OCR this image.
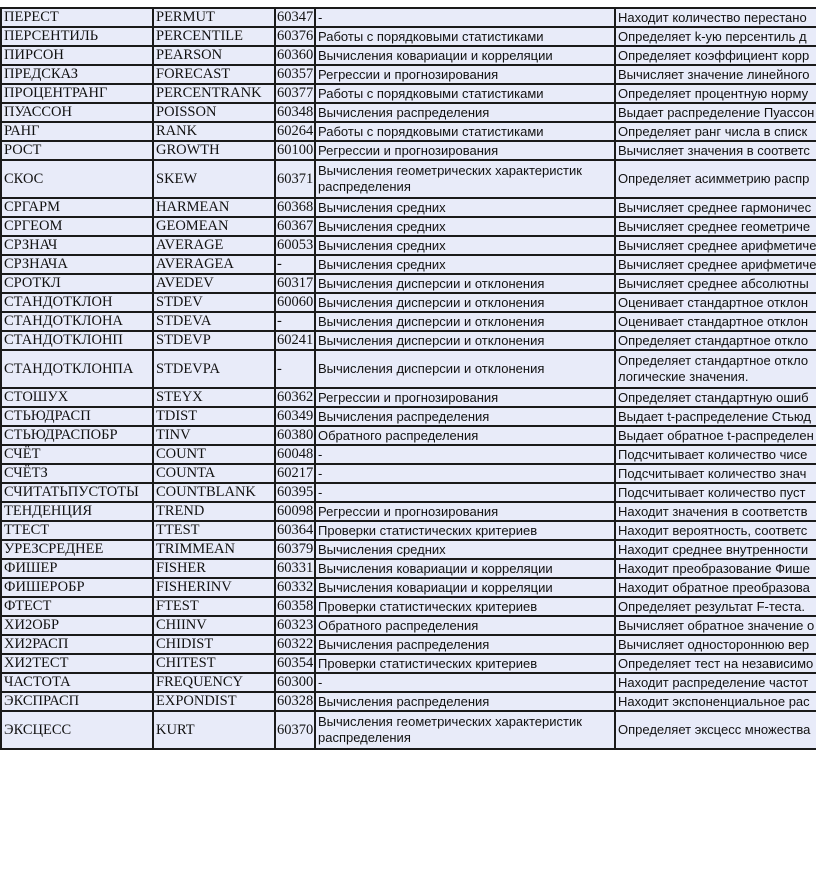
ПЕРЕСТ	PERMUT	60347	-	Находит количество перестано
ПЕРСЕНТИЛЬ	PERCENTILE	60376	Работы с порядковыми статистиками	Определяет k-ую персентиль д
ПИРСОН	PEARSON	60360	Вычисления ковариации и корреляции	Определяет коэффициент корр
ПРЕДСКАЗ	FORECAST	60357	Регрессии и прогнозирования	Вычисляет значение линейного
ПРОЦЕНТРАНГ	PERCENTRANK	60377	Работы с порядковыми статистиками	Определяет процентную норму
ПУАССОН	POISSON	60348	Вычисления распределения	Выдает распределение Пуассон
РАНГ	RANK	60264	Работы с порядковыми статистиками	Определяет ранг числа в списк
РОСТ	GROWTH	60100	Регрессии и прогнозирования	Вычисляет значения в соответс
СКОС	SKEW	60371	Вычисления геометрических характеристик распределения	Определяет асимметрию распр
СРГАРМ	HARMEAN	60368	Вычисления средних	Вычисляет среднее гармоничес
СРГЕОМ	GEOMEAN	60367	Вычисления средних	Вычисляет среднее геометриче
СРЗНАЧ	AVERAGE	60053	Вычисления средних	Вычисляет среднее арифметиче
СРЗНАЧА	AVERAGEA	-	Вычисления средних	Вычисляет среднее арифметиче
СРОТКЛ	AVEDEV	60317	Вычисления дисперсии и отклонения	Вычисляет среднее абсолютны
СТАНДОТКЛОН	STDEV	60060	Вычисления дисперсии и отклонения	Оценивает стандартное отклон
СТАНДОТКЛОНА	STDEVA	-	Вычисления дисперсии и отклонения	Оценивает стандартное отклон
СТАНДОТКЛОНП	STDEVP	60241	Вычисления дисперсии и отклонения	Определяет стандартное откло
СТАНДОТКЛОНПА	STDEVPA	-	Вычисления дисперсии и отклонения	Определяет стандартное откло логические значения.
СТОШУХ	STEYX	60362	Регрессии и прогнозирования	Определяет стандартную ошиб
СТЬЮДРАСП	TDIST	60349	Вычисления распределения	Выдает t-распределение Стьюд
СТЬЮДРАСПОБР	TINV	60380	Обратного распределения	Выдает обратное t-распределен
СЧЁТ	COUNT	60048	-	Подсчитывает количество чисе
СЧЁТЗ	COUNTA	60217	-	Подсчитывает количество знач
СЧИТАТЬПУСТОТЫ	COUNTBLANK	60395	-	Подсчитывает количество пуст
ТЕНДЕНЦИЯ	TREND	60098	Регрессии и прогнозирования	Находит значения в соответств
ТТЕСТ	TTEST	60364	Проверки статистических критериев	Находит вероятность, соответс
УРЕЗСРЕДНЕЕ	TRIMMEAN	60379	Вычисления средних	Находит среднее внутренности
ФИШЕР	FISHER	60331	Вычисления ковариации и корреляции	Находит преобразование Фише
ФИШЕРОБР	FISHERINV	60332	Вычисления ковариации и корреляции	Находит обратное преобразова
ФТЕСТ	FTEST	60358	Проверки статистических критериев	Определяет результат F-теста.
ХИ2ОБР	CHIINV	60323	Обратного распределения	Вычисляет обратное значение о
ХИ2РАСП	CHIDIST	60322	Вычисления распределения	Вычисляет одностороннюю вер
ХИ2ТЕСТ	CHITEST	60354	Проверки статистических критериев	Определяет тест на независимо
ЧАСТОТА	FREQUENCY	60300	-	Находит распределение частот
ЭКСПРАСП	EXPONDIST	60328	Вычисления распределения	Находит экспоненциальное рас
ЭКСЦЕСС	KURT	60370	Вычисления геометрических характеристик распределения	Определяет эксцесс множества
